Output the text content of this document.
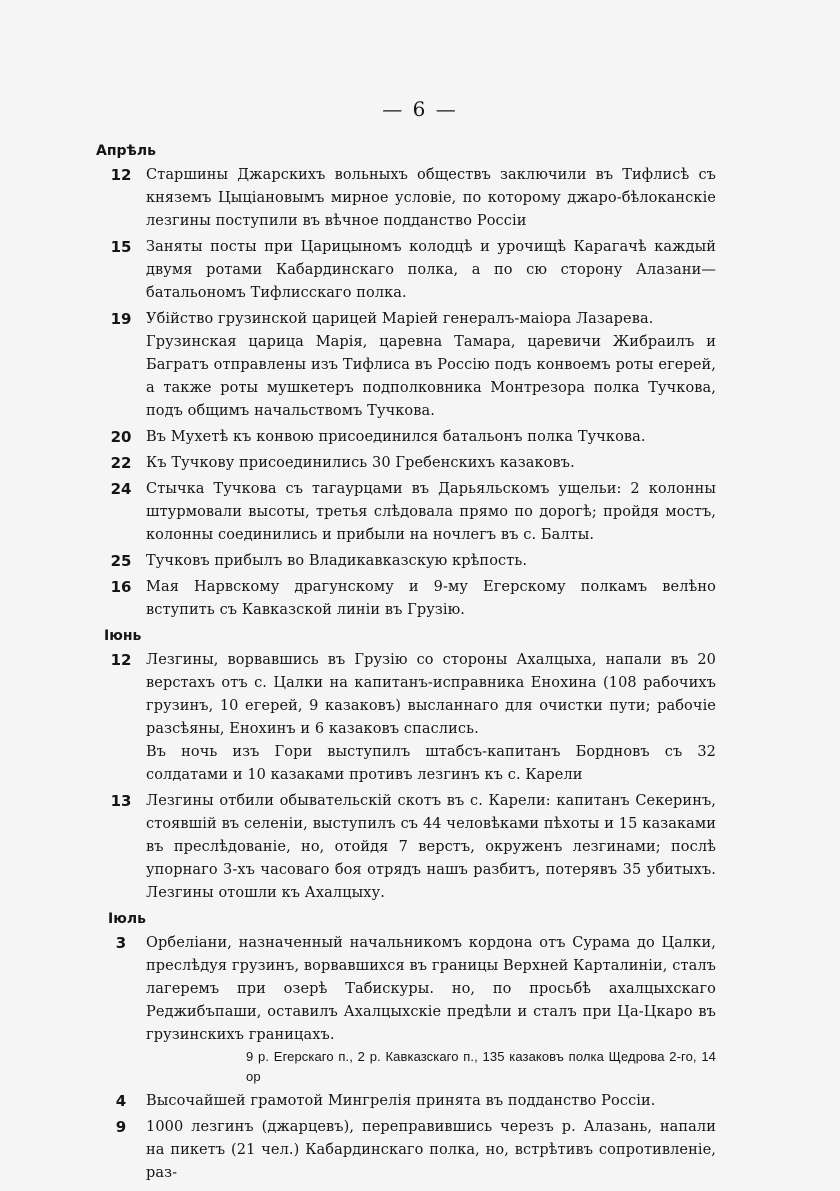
— 6 —
Апрѣль
12	Старшины Джарскихъ вольныхъ обществъ заключили въ Тифлисѣ съ княземъ Цыціановымъ мирное условіе, по которому джаро-бѣлоканскіе лезгины поступили въ вѣчное подданство Россіи
15	Заняты посты при Царицыномъ колодцѣ и урочищѣ Карагачѣ каждый двумя ротами Кабардинскаго полка, а по сю сторону Алазани—батальономъ Тифлисскаго полка.
19	Убійство грузинской царицей Маріей генералъ-маіора Лазарева.
Грузинская царица Марія, царевна Тамара, царевичи Жибраилъ и Багратъ отправлены изъ Тифлиса въ Россію подъ конвоемъ роты егерей, а также роты мушкетеръ подполковника Монтрезора полка Тучкова, подъ общимъ начальствомъ Тучкова.
20	Въ Мухетѣ къ конвою присоединился батальонъ полка Тучкова.
22	Къ Тучкову присоединились 30 Гребенскихъ казаковъ.
24	Стычка Тучкова съ тагаурцами въ Дарьяльскомъ ущельи: 2 колонны штурмовали высоты, третья слѣдовала прямо по дорогѣ; пройдя мостъ, колонны соединились и прибыли на ночлегъ въ с. Балты.
25	Тучковъ прибылъ во Владикавказскую крѣпость.
16	Мая Нарвскому драгунскому и 9-му Егерскому полкамъ велѣно вступить съ Кавказской линіи въ Грузію.
Іюнь
12	Лезгины, ворвавшись въ Грузію со стороны Ахалцыха, напали въ 20 верстахъ отъ с. Цалки на капитанъ-исправника Енохина (108 рабочихъ грузинъ, 10 егерей, 9 казаковъ) высланнаго для очистки пути; рабочіе разсѣяны, Енохинъ и 6 казаковъ спаслись.
Въ ночь изъ Гори выступилъ штабсъ-капитанъ Бордновъ съ 32 солдатами и 10 казаками противъ лезгинъ къ с. Карели
13	Лезгины отбили обывательскій скотъ въ с. Карели: капитанъ Секеринъ, стоявшій въ селеніи, выступилъ съ 44 человѣками пѣхоты и 15 казаками въ преслѣдованіе, но, отойдя 7 верстъ, окруженъ лезгинами; послѣ упорнаго 3-хъ часоваго боя отрядъ нашъ разбитъ, потерявъ 35 убитыхъ. Лезгины отошли къ Ахалцыху.
Іюль
3	Орбеліани, назначенный начальникомъ кордона отъ Сурама до Цалки, преслѣдуя грузинъ, ворвавшихся въ границы Верхней Карталиніи, сталъ лагеремъ при озерѣ Табискуры. но, по просьбѣ ахалцыхскаго Реджибъпаши, оставилъ Ахалцыхскіе предѣли и сталъ при Ца-Цкаро въ грузинскихъ границахъ.
9 р. Егерскаго п., 2 р. Кавказскаго п., 135 казаковъ полка Щедрова 2-го, 14 ор
4	Высочайшей грамотой Мингрелія принята въ подданство Россіи.
9	1000 лезгинъ (джарцевъ), переправившись черезъ р. Алазань, напали на пикетъ (21 чел.) Кабардинскаго полка, но, встрѣтивъ сопротивленіе, раз-
